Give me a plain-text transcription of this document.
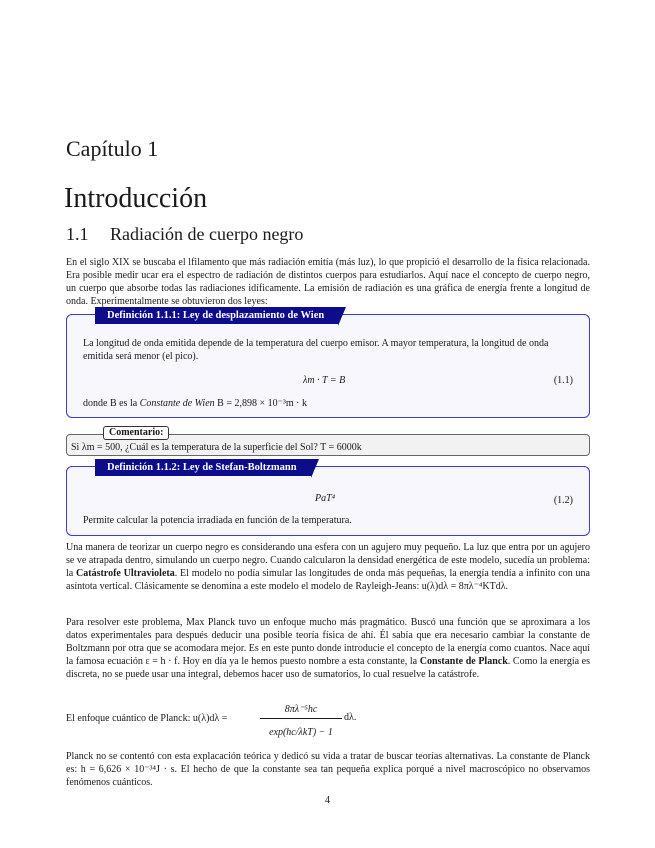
Capítulo 1
Introducción
1.1 Radiación de cuerpo negro
En el siglo XIX se buscaba el lfilamento que más radiación emitía (más luz), lo que propició el desarrollo de la física relacionada. Era posible medir ucar era el espectro de radiación de distintos cuerpos para estudiarlos. Aquí nace el concepto de cuerpo negro, un cuerpo que absorbe todas las radiaciones idíficamente. La emisión de radiación es una gráfica de energía frente a longitud de onda. Experimentalmente se obtuvieron dos leyes:
Definición 1.1.1: Ley de desplazamiento de Wien
La longitud de onda emitida depende de la temperatura del cuerpo emisor. A mayor temperatura, la longitud de onda emitida será menor (el pico).
λm · T = B	(1.1)
donde B es la Constante de Wien B = 2,898 × 10⁻³m · k
Comentario:
Si λm = 500, ¿Cuál es la temperatura de la superficie del Sol? T = 6000k
Definición 1.1.2: Ley de Stefan-Boltzmann
PaT⁴	(1.2)
Permite calcular la potencia irradiada en función de la temperatura.
Una manera de teorizar un cuerpo negro es considerando una esfera con un agujero muy pequeño. La luz que entra por un agujero se ve atrapada dentro, simulando un cuerpo negro. Cuando calcularon la densidad energética de este modelo, sucedía un problema: la Catástrofe Ultravioleta. El modelo no podía simular las longitudes de onda más pequeñas, la energía tendía a infinito con una asíntota vertical. Clásicamente se denomina a este modelo el modelo de Rayleigh-Jeans: u(λ)dλ = 8πλ⁻⁴KTdλ.
Para resolver este problema, Max Planck tuvo un enfoque mucho más pragmático. Buscó una función que se aproximara a los datos experimentales para después deducir una posible teoría física de ahí. Él sabía que era necesario cambiar la constante de Boltzmann por otra que se acomodara mejor. Es en este punto donde introducie el concepto de la energía como cuantos. Nace aquí la famosa ecuación ε = h · f. Hoy en día ya le hemos puesto nombre a esta constante, la Constante de Planck. Como la energía es discreta, no se puede usar una integral, debemos hacer uso de sumatorios, lo cual resuelve la catástrofe.
El enfoque cuántico de Planck: u(λ)dλ =
8πλ⁻⁵hc
exp(hc/λkT) − 1
dλ.
Planck no se contentó con esta explacación teórica y dedicó su vida a tratar de buscar teorías alternativas. La constante de Planck es: h = 6,626 × 10⁻³⁴J · s. El hecho de que la constante sea tan pequeña explica porqué a nivel macroscópico no observamos fenómenos cuánticos.
4
